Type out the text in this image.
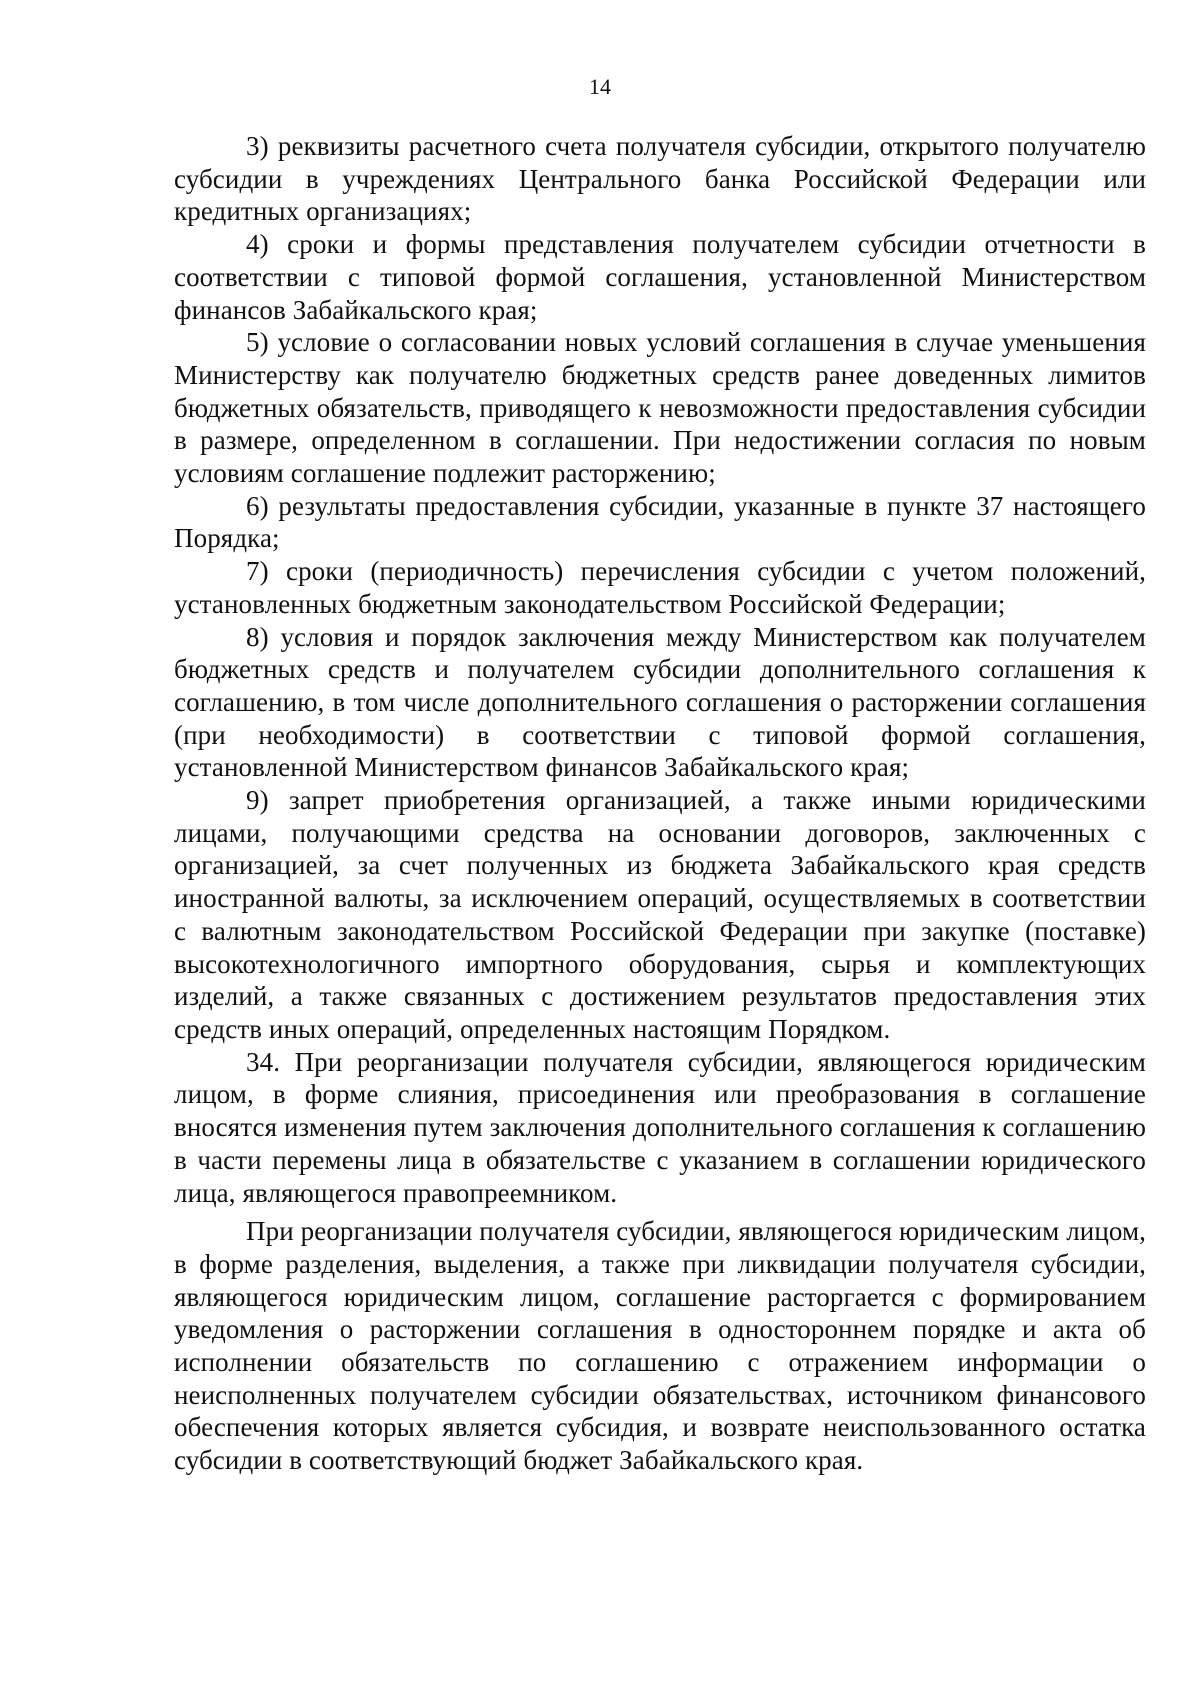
14

3) реквизиты расчетного счета получателя субсидии, открытого получателю субсидии в учреждениях Центрального банка Российской Федерации или кредитных организациях;

4) сроки и формы представления получателем субсидии отчетности в соответствии с типовой формой соглашения, установленной Министерством финансов Забайкальского края;

5) условие о согласовании новых условий соглашения в случае уменьшения Министерству как получателю бюджетных средств ранее доведенных лимитов бюджетных обязательств, приводящего к невозможности предоставления субсидии в размере, определенном в соглашении. При недостижении согласия по новым условиям соглашение подлежит расторжению;

6) результаты предоставления субсидии, указанные в пункте 37 настоящего Порядка;

7) сроки (периодичность) перечисления субсидии с учетом положений, установленных бюджетным законодательством Российской Федерации;

8) условия и порядок заключения между Министерством как получателем бюджетных средств и получателем субсидии дополнительного соглашения к соглашению, в том числе дополнительного соглашения о расторжении соглашения (при необходимости) в соответствии с типовой формой соглашения, установленной Министерством финансов Забайкальского края;

9) запрет приобретения организацией, а также иными юридическими лицами, получающими средства на основании договоров, заключенных с организацией, за счет полученных из бюджета Забайкальского края средств иностранной валюты, за исключением операций, осуществляемых в соответствии с валютным законодательством Российской Федерации при закупке (поставке) высокотехнологичного импортного оборудования, сырья и комплектующих изделий, а также связанных с достижением результатов предоставления этих средств иных операций, определенных настоящим Порядком.

34. При реорганизации получателя субсидии, являющегося юридическим лицом, в форме слияния, присоединения или преобразования в соглашение вносятся изменения путем заключения дополнительного соглашения к соглашению в части перемены лица в обязательстве с указанием в соглашении юридического лица, являющегося правопреемником.

При реорганизации получателя субсидии, являющегося юридическим лицом, в форме разделения, выделения, а также при ликвидации получателя субсидии, являющегося юридическим лицом, соглашение расторгается с формированием уведомления о расторжении соглашения в одностороннем порядке и акта об исполнении обязательств по соглашению с отражением информации о неисполненных получателем субсидии обязательствах, источником финансового обеспечения которых является субсидия, и возврате неиспользованного остатка субсидии в соответствующий бюджет Забайкальского края.
